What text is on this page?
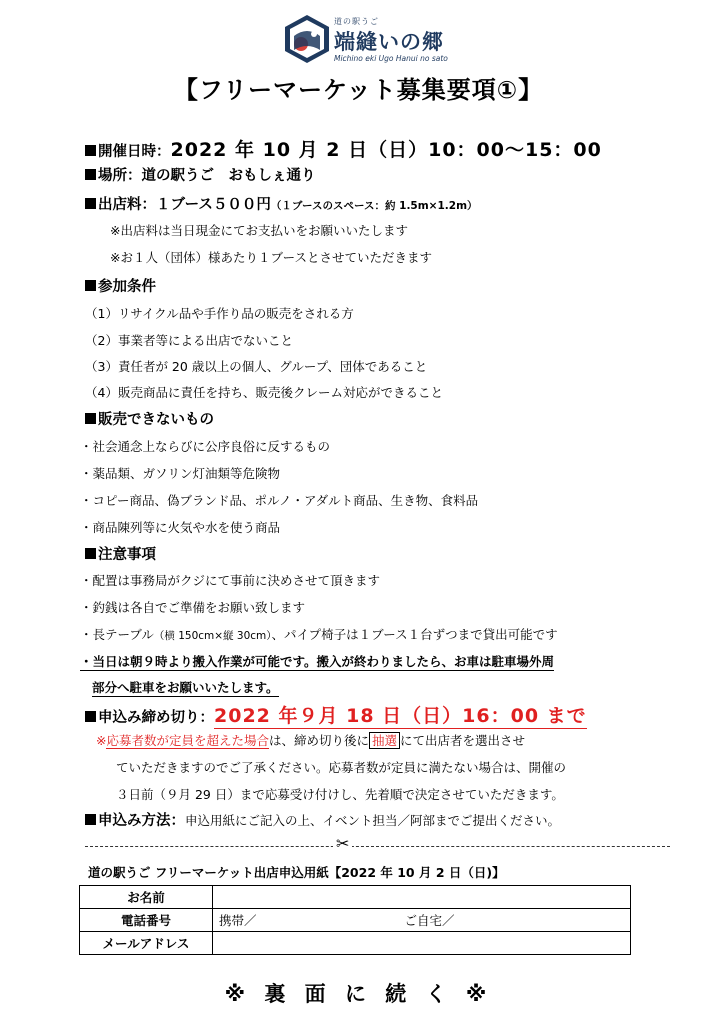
道の駅うご
端縫いの郷
Michino eki Ugo Hanui no sato
【フリーマーケット募集要項①】
開催日時：2022 年 10 月 2 日（日）10：00～15：00
場所：道の駅うご　おもしぇ通り
出店料：１ブース５００円（１ブースのスペース：約 1.5m×1.2m）
※出店料は当日現金にてお支払いをお願いいたします
※お１人（団体）様あたり１ブースとさせていただきます
参加条件
（1）リサイクル品や手作り品の販売をされる方
（2）事業者等による出店でないこと
（3）責任者が 20 歳以上の個人、グループ、団体であること
（4）販売商品に責任を持ち、販売後クレーム対応ができること
販売できないもの
・社会通念上ならびに公序良俗に反するもの
・薬品類、ガソリン灯油類等危険物
・コピー商品、偽ブランド品、ポルノ・アダルト商品、生き物、食料品
・商品陳列等に火気や水を使う商品
注意事項
・配置は事務局がクジにて事前に決めさせて頂きます
・釣銭は各自でご準備をお願い致します
・長テーブル（横 150cm×縦 30cm）、パイプ椅子は１ブース１台ずつまで貸出可能です
・当日は朝９時より搬入作業が可能です。搬入が終わりましたら、お車は駐車場外周
部分へ駐車をお願いいたします。
申込み締め切り：2022 年９月 18 日（日）16：00 まで
※応募者数が定員を超えた場合は、締め切り後に 抽選 にて出店者を選出させ
ていただきますのでご了承ください。応募者数が定員に満たない場合は、開催の
３日前（９月 29 日）まで応募受け付けし、先着順で決定させていただきます。
申込み方法：申込用紙にご記入の上、イベント担当／阿部までご提出ください。
✂
道の駅うご フリーマーケット出店申込用紙【2022 年 10 月 2 日（日)】
お名前	
電話番号	携帯／ ご自宅／
メールアドレス	
※ 裏 面 に 続 く ※
